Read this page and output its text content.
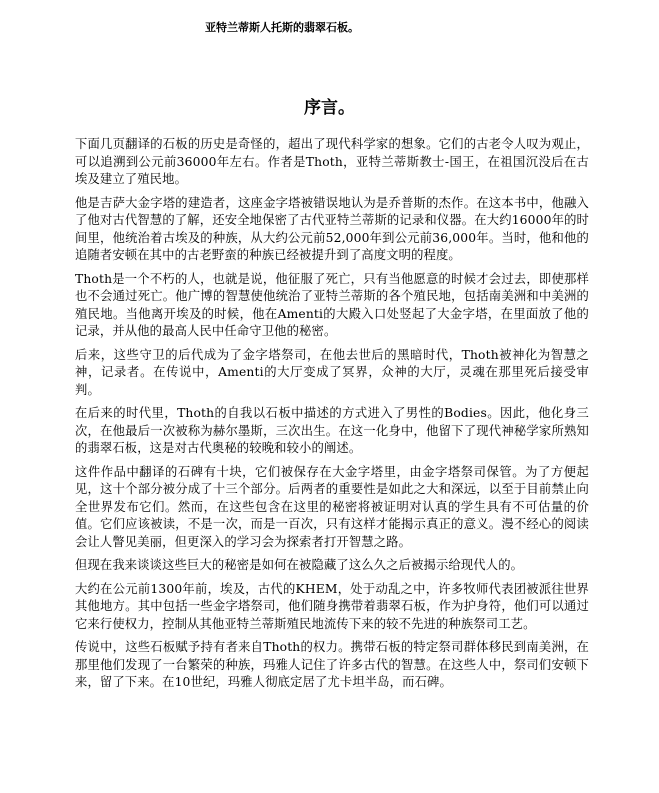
亚特兰蒂斯人托斯的翡翠石板。
序言。

下面几页翻译的石板的历史是奇怪的，超出了现代科学家的想象。它们的古老令人叹为观止，可以追溯到公元前36000年左右。作者是Thoth，亚特兰蒂斯教士-国王，在祖国沉没后在古埃及建立了殖民地。

他是吉萨大金字塔的建造者，这座金字塔被错误地认为是乔普斯的杰作。在这本书中，他融入了他对古代智慧的了解，还安全地保密了古代亚特兰蒂斯的记录和仪器。在大约16000年的时间里，他统治着古埃及的种族，从大约公元前52,000年到公元前36,000年。当时，他和他的追随者安顿在其中的古老野蛮的种族已经被提升到了高度文明的程度。

Thoth是一个不朽的人，也就是说，他征服了死亡，只有当他愿意的时候才会过去，即使那样也不会通过死亡。他广博的智慧使他统治了亚特兰蒂斯的各个殖民地，包括南美洲和中美洲的殖民地。当他离开埃及的时候，他在Amenti的大殿入口处竖起了大金字塔，在里面放了他的记录，并从他的最高人民中任命守卫他的秘密。

后来，这些守卫的后代成为了金字塔祭司，在他去世后的黑暗时代，Thoth被神化为智慧之神，记录者。在传说中，Amenti的大厅变成了冥界，众神的大厅，灵魂在那里死后接受审判。

在后来的时代里，Thoth的自我以石板中描述的方式进入了男性的Bodies。因此，他化身三次，在他最后一次被称为赫尔墨斯，三次出生。在这一化身中，他留下了现代神秘学家所熟知的翡翠石板，这是对古代奥秘的较晚和较小的阐述。

这件作品中翻译的石碑有十块，它们被保存在大金字塔里，由金字塔祭司保管。为了方便起见，这十个部分被分成了十三个部分。后两者的重要性是如此之大和深远，以至于目前禁止向全世界发布它们。然而，在这些包含在这里的秘密将被证明对认真的学生具有不可估量的价值。它们应该被读，不是一次，而是一百次，只有这样才能揭示真正的意义。漫不经心的阅读会让人瞥见美丽，但更深入的学习会为探索者打开智慧之路。

但现在我来谈谈这些巨大的秘密是如何在被隐藏了这么久之后被揭示给现代人的。

大约在公元前1300年前，埃及，古代的KHEM，处于动乱之中，许多牧师代表团被派往世界其他地方。其中包括一些金字塔祭司，他们随身携带着翡翠石板，作为护身符，他们可以通过它来行使权力，控制从其他亚特兰蒂斯殖民地流传下来的较不先进的种族祭司工艺。

传说中，这些石板赋予持有者来自Thoth的权力。携带石板的特定祭司群体移民到南美洲，在那里他们发现了一台繁荣的种族，玛雅人记住了许多古代的智慧。在这些人中，祭司们安顿下来，留了下来。在10世纪，玛雅人彻底定居了尤卡坦半岛，而石碑。
